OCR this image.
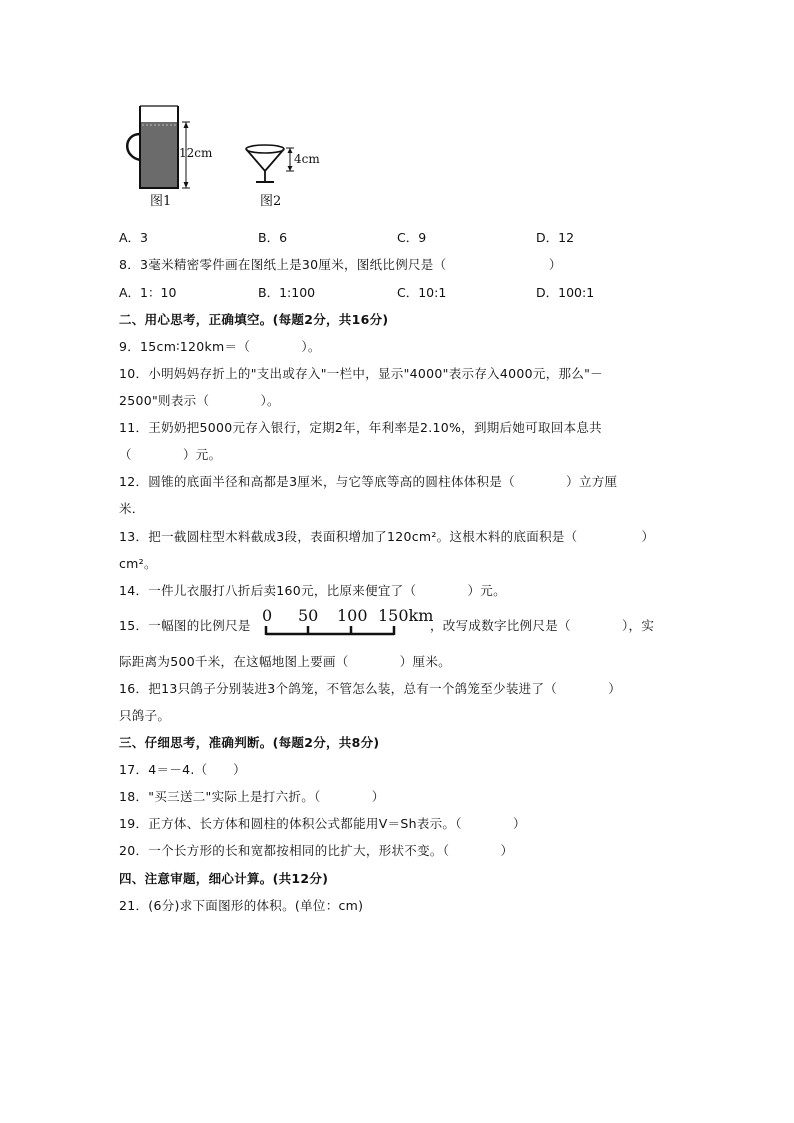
12cm
图1
4cm
图2
A．3	B．6	C．9	D．12
8．3毫米精密零件画在图纸上是30厘米，图纸比例尺是（　　　　　　　　）
A．1：10	B．1:100	C．10:1	D．100:1
二、用心思考，正确填空。(每题2分，共16分)
9．15cm∶120km＝（　　　　）。
10．小明妈妈存折上的"支出或存入"一栏中，显示"4000"表示存入4000元，那么"－
2500"则表示（　　　　）。
11．王奶奶把5000元存入银行，定期2年，年利率是2.10%，到期后她可取回本息共
（　　　　）元。
12．圆锥的底面半径和高都是3厘米，与它等底等高的圆柱体体积是（　　　　）立方厘
米．
13．把一截圆柱型木料截成3段，表面积增加了120cm²。这根木料的底面积是（　　　　　）
cm²。
14．一件儿衣服打八折后卖160元，比原来便宜了（　　　　）元。
15．一幅图的比例尺是
0 50 100 150km
，改写成数字比例尺是（　　　　），实
际距离为500千米，在这幅地图上要画（　　　　）厘米。
16．把13只鸽子分别装进3个鸽笼，不管怎么装，总有一个鸽笼至少装进了（　　　　）
只鸽子。
三、仔细思考，准确判断。(每题2分，共8分)
17．4＝－4.（　　）
18．"买三送二"实际上是打六折。（　　　　）
19．正方体、长方体和圆柱的体积公式都能用V＝Sh表示。（　　　　）
20．一个长方形的长和宽都按相同的比扩大，形状不变。（　　　　）
四、注意审题，细心计算。(共12分)
21．(6分)求下面图形的体积。(单位：cm)
